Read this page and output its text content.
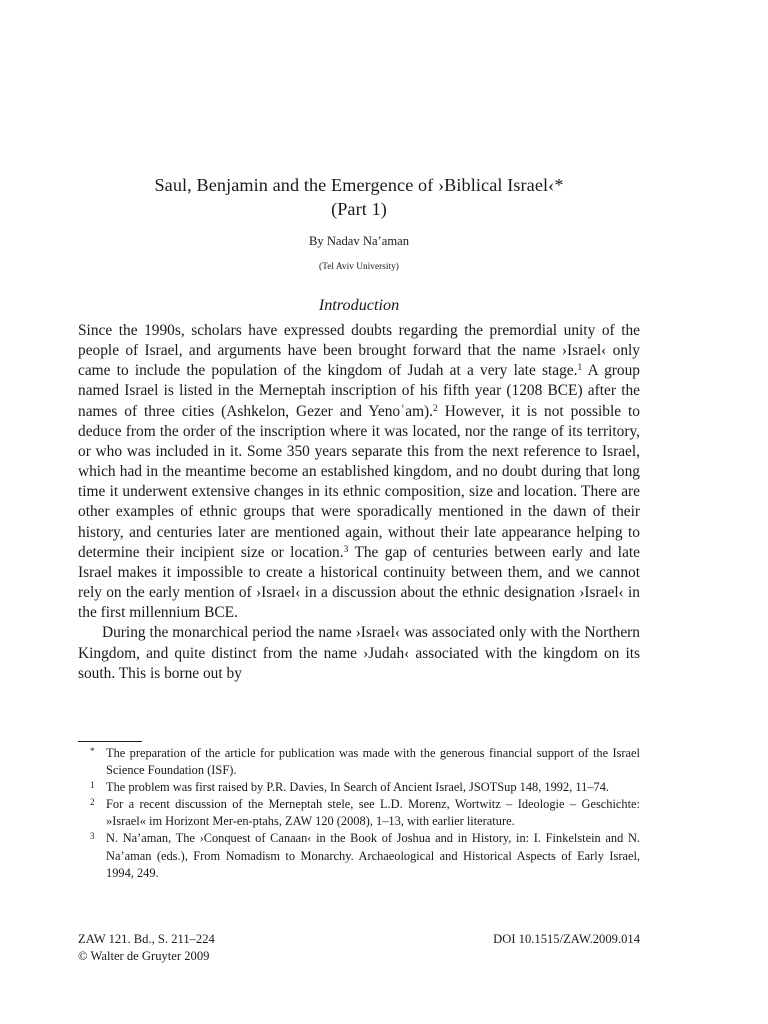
Saul, Benjamin and the Emergence of ›Biblical Israel‹*
(Part 1)
By Nadav Na’aman
(Tel Aviv University)
Introduction

Since the 1990s, scholars have expressed doubts regarding the premordial unity of the people of Israel, and arguments have been brought forward that the name ›Israel‹ only came to include the population of the kingdom of Judah at a very late stage.$^1$ A group named Israel is listed in the Merneptah inscription of his fifth year (1208 BCE) after the names of three cities (Ashkelon, Gezer and Yenoʿam).$^2$ However, it is not possible to deduce from the order of the inscription where it was located, nor the range of its territory, or who was included in it. Some 350 years separate this from the next reference to Israel, which had in the meantime become an established kingdom, and no doubt during that long time it underwent extensive changes in its ethnic composition, size and location. There are other examples of ethnic groups that were sporadically mentioned in the dawn of their history, and centuries later are mentioned again, without their late appearance helping to determine their incipient size or location.$^3$ The gap of centuries between early and late Israel makes it impossible to create a historical continuity between them, and we cannot rely on the early mention of ›Israel‹ in a discussion about the ethnic designation ›Israel‹ in the first millennium BCE.

During the monarchical period the name ›Israel‹ was associated only with the Northern Kingdom, and quite distinct from the name ›Judah‹ associated with the kingdom on its south. This is borne out by

* The preparation of the article for publication was made with the generous financial support of the Israel Science Foundation (ISF).
1 The problem was first raised by P.R. Davies, In Search of Ancient Israel, JSOTSup 148, 1992, 11–74.
2 For a recent discussion of the Merneptah stele, see L.D. Morenz, Wortwitz – Ideologie – Geschichte: »Israel« im Horizont Mer-en-ptahs, ZAW 120 (2008), 1–13, with earlier literature.
3 N. Na’aman, The ›Conquest of Canaan‹ in the Book of Joshua and in History, in: I. Finkelstein and N. Na’aman (eds.), From Nomadism to Monarchy. Archaeological and Historical Aspects of Early Israel, 1994, 249.
ZAW 121. Bd., S. 211–224
© Walter de Gruyter 2009
DOI 10.1515/ZAW.2009.014
